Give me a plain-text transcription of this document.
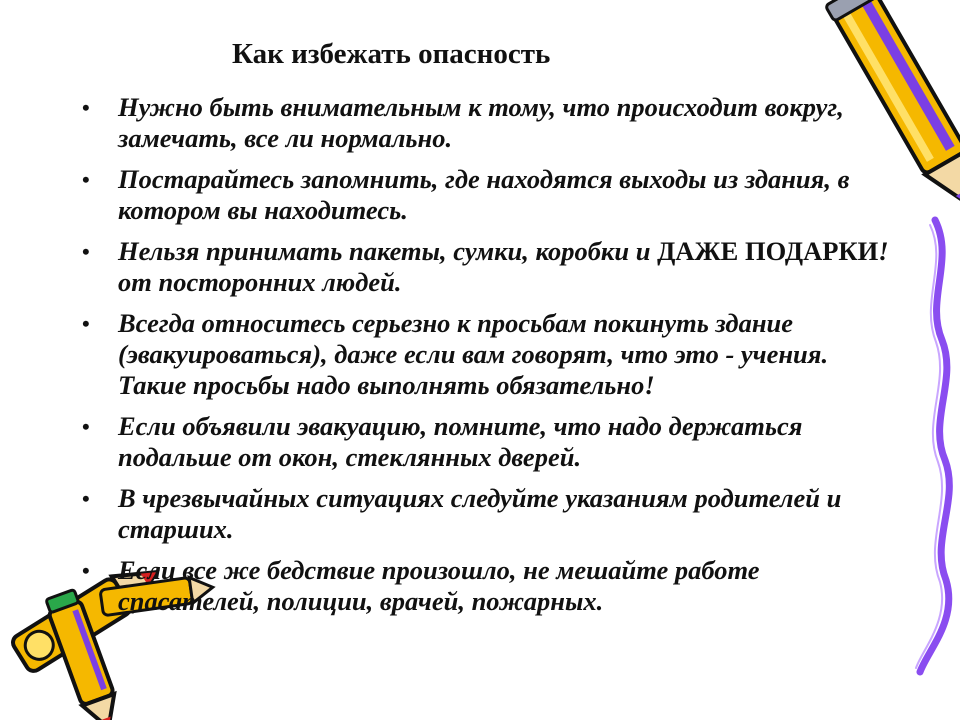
Как избежать опасность
• Нужно быть внимательным к тому, что происходит вокруг, замечать, все ли нормально.
• Постарайтесь запомнить, где находятся выходы из здания, в котором вы находитесь.
• Нельзя принимать пакеты, сумки, коробки и ДАЖЕ ПОДАРКИ! от посторонних людей.
• Всегда относитесь серьезно к просьбам покинуть здание (эвакуироваться), даже если вам говорят, что это - учения. Такие просьбы надо выполнять обязательно!
• Если объявили эвакуацию, помните, что надо держаться подальше от окон, стеклянных дверей.
• В чрезвычайных ситуациях следуйте указаниям родителей и старших.
• Если все же бедствие произошло, не мешайте работе спасателей, полиции, врачей, пожарных.
